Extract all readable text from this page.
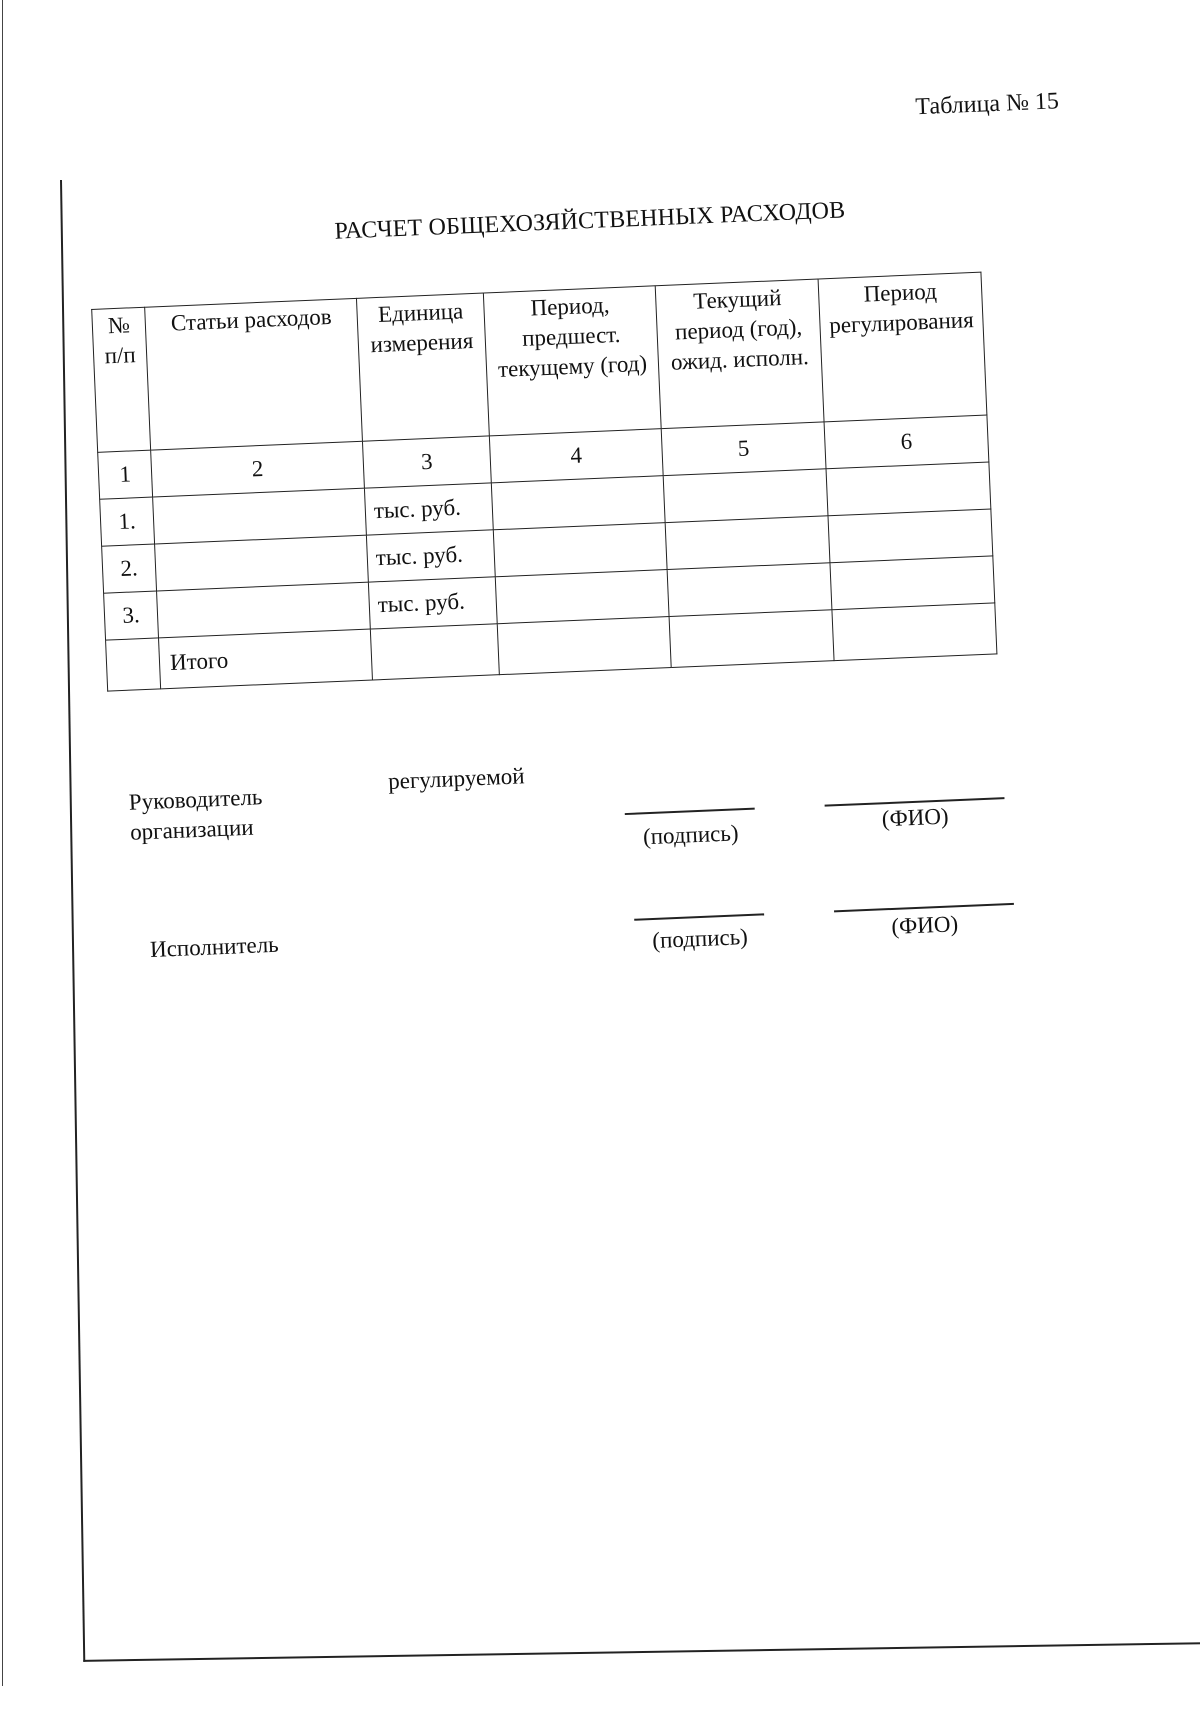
Таблица № 15
РАСЧЕТ ОБЩЕХОЗЯЙСТВЕННЫХ РАСХОДОВ
№ п/п	Статьи расходов	Единица измерения	Период, предшест. текущему (год)	Текущий период (год), ожид. исполн.	Период регулирования
1	2	3	4	5	6
1.		тыс. руб.			
2.		тыс. руб.			
3.		тыс. руб.			
	Итого				
Руководитель
организации
регулируемой
(подпись)
(ФИО)
Исполнитель	(подпись)	(ФИО)
